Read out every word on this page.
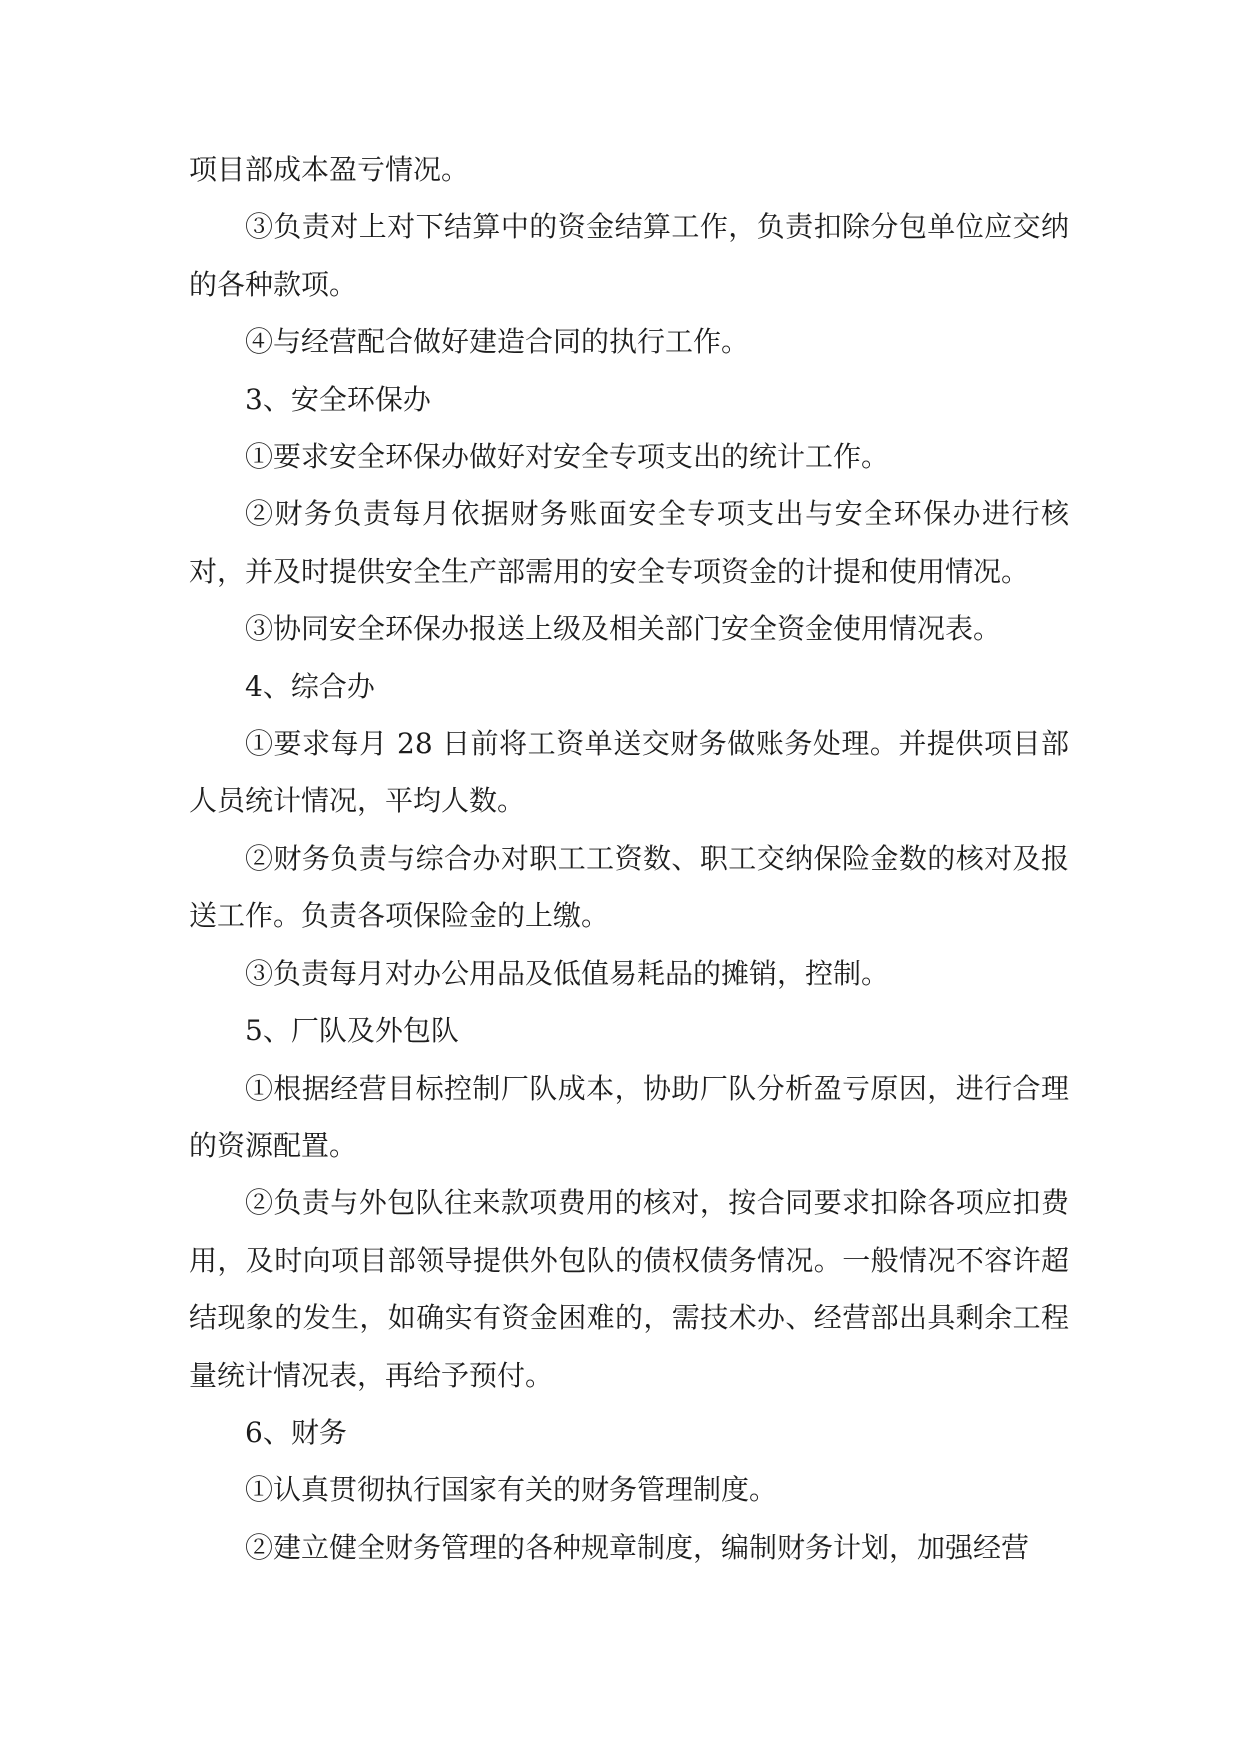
项目部成本盈亏情况。

③负责对上对下结算中的资金结算工作，负责扣除分包单位应交纳的各种款项。

④与经营配合做好建造合同的执行工作。

3、安全环保办

①要求安全环保办做好对安全专项支出的统计工作。

②财务负责每月依据财务账面安全专项支出与安全环保办进行核对，并及时提供安全生产部需用的安全专项资金的计提和使用情况。

③协同安全环保办报送上级及相关部门安全资金使用情况表。

4、综合办

①要求每月 28 日前将工资单送交财务做账务处理。并提供项目部人员统计情况，平均人数。

②财务负责与综合办对职工工资数、职工交纳保险金数的核对及报送工作。负责各项保险金的上缴。

③负责每月对办公用品及低值易耗品的摊销，控制。

5、厂队及外包队

①根据经营目标控制厂队成本，协助厂队分析盈亏原因，进行合理的资源配置。

②负责与外包队往来款项费用的核对，按合同要求扣除各项应扣费用，及时向项目部领导提供外包队的债权债务情况。一般情况不容许超结现象的发生，如确实有资金困难的，需技术办、经营部出具剩余工程量统计情况表，再给予预付。

6、财务

①认真贯彻执行国家有关的财务管理制度。

②建立健全财务管理的各种规章制度，编制财务计划，加强经营
